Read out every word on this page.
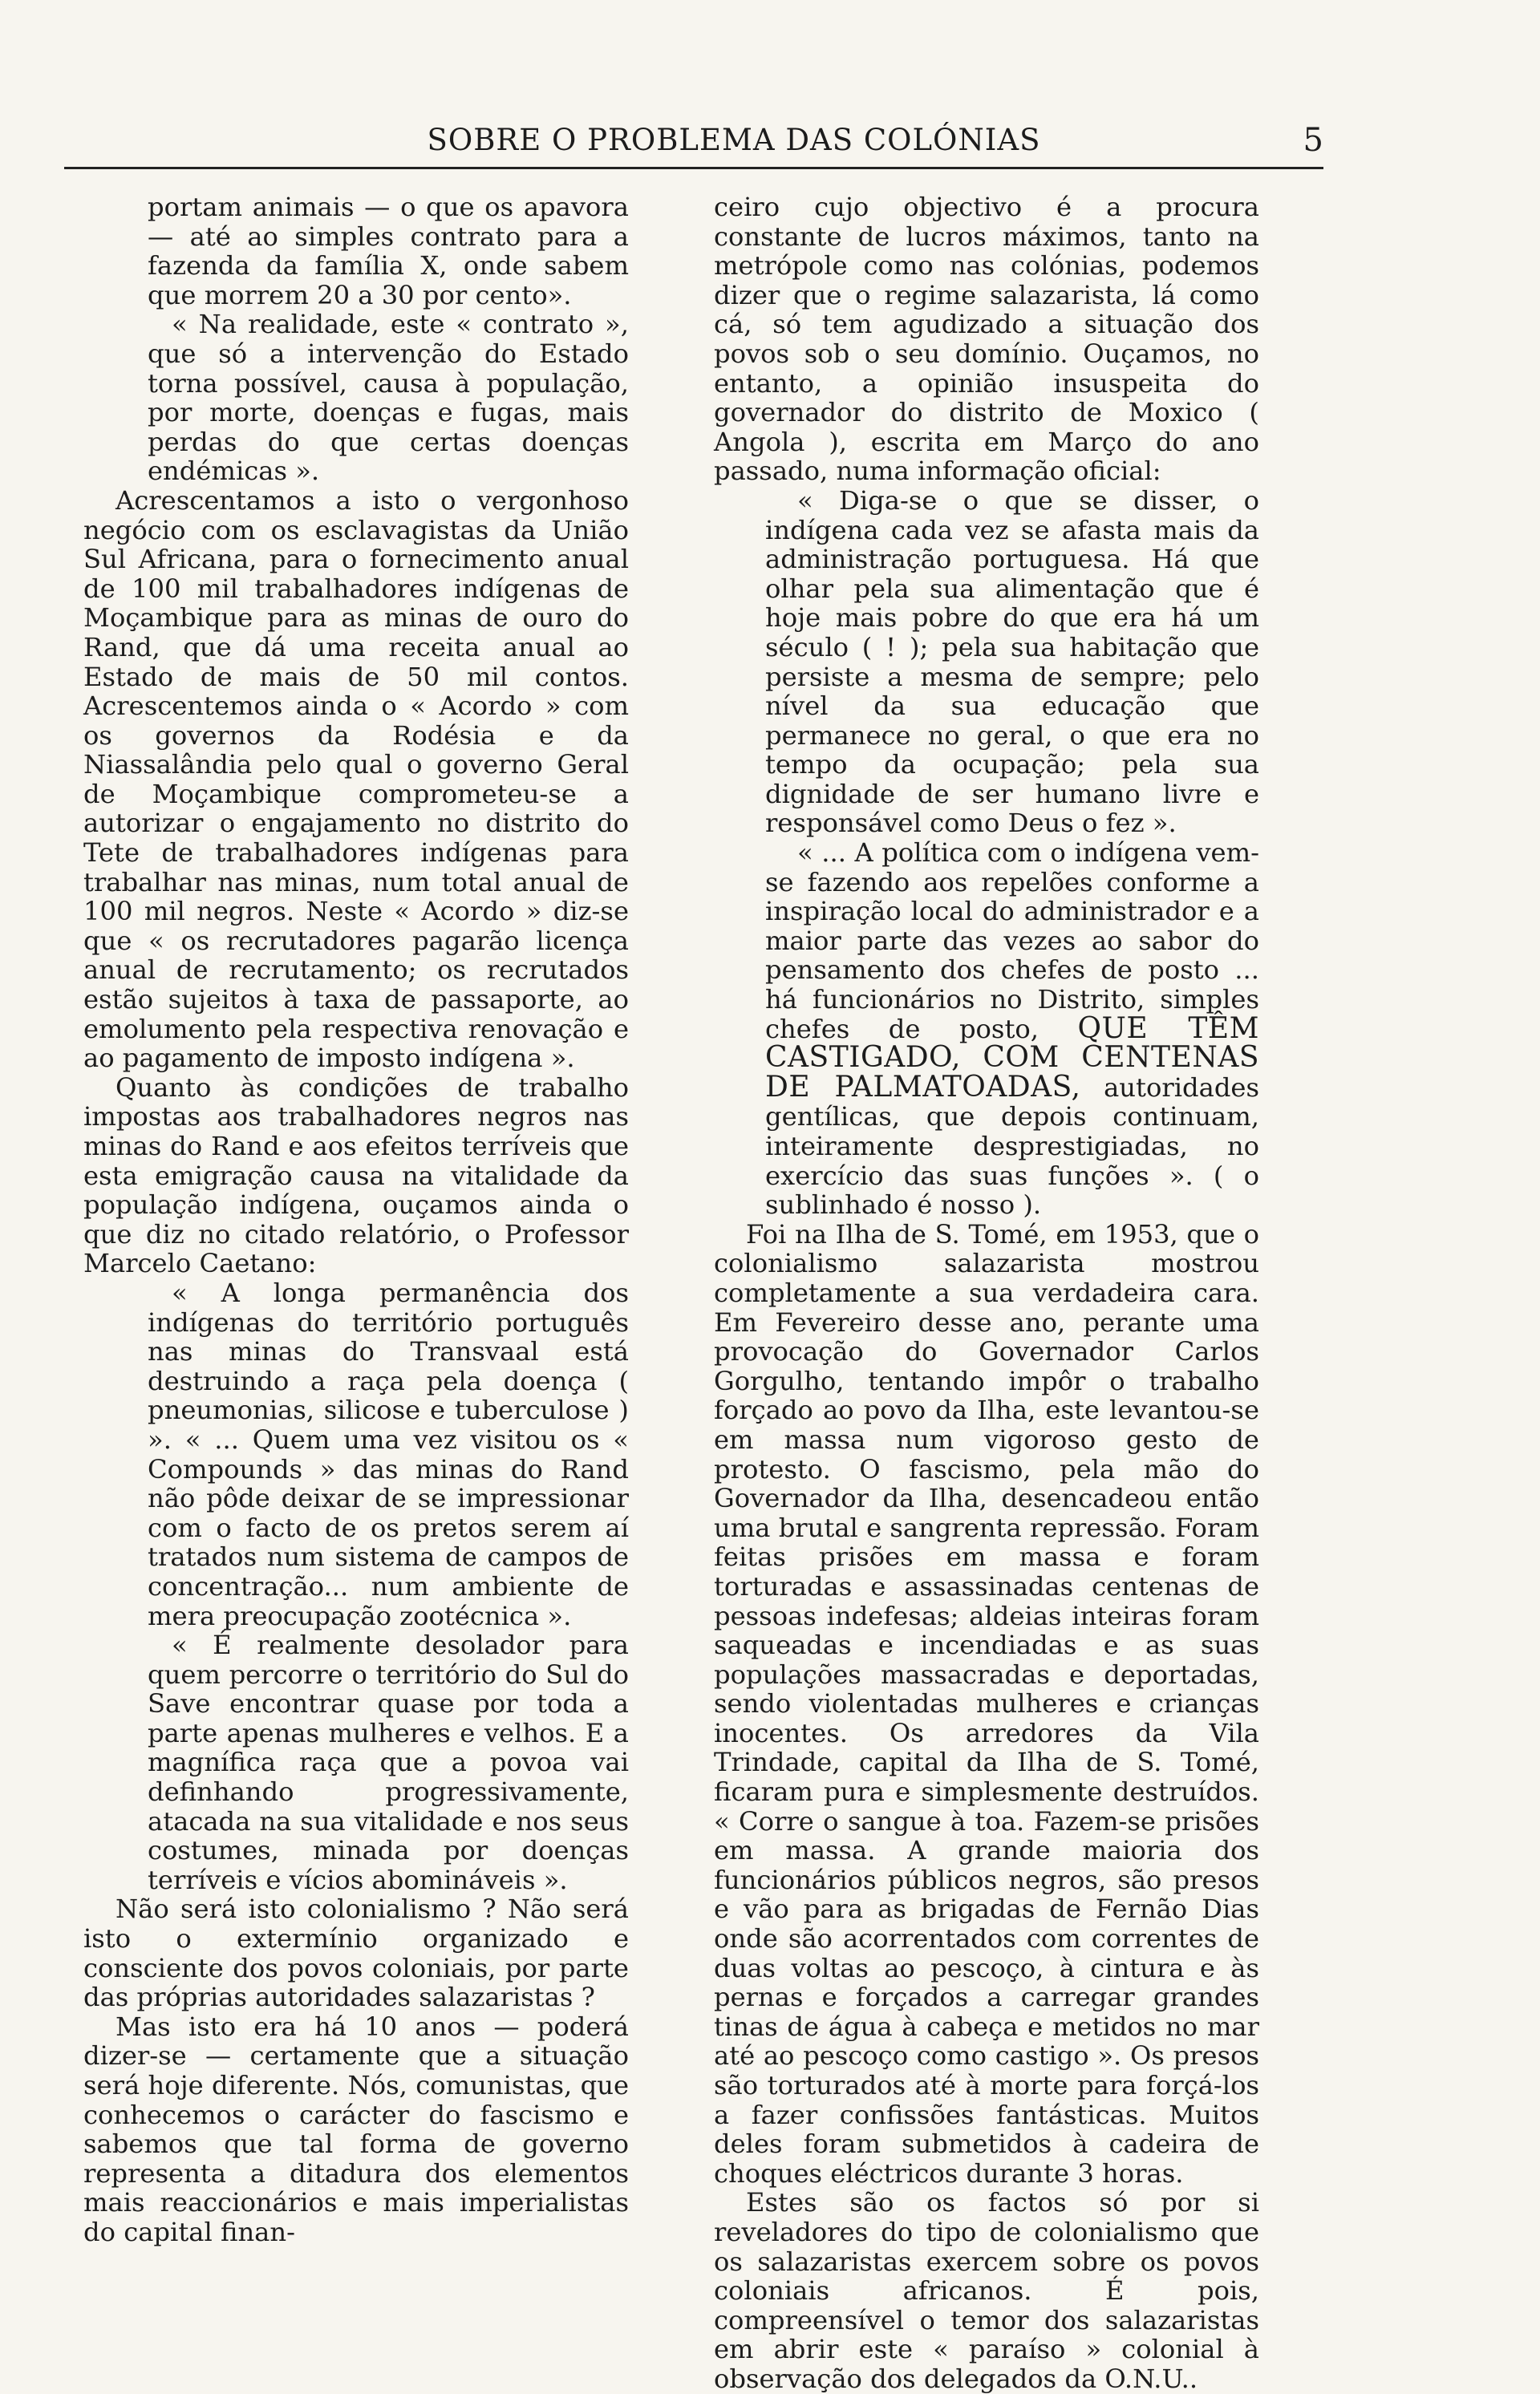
SOBRE O PROBLEMA DAS COLÓNIAS	5

portam animais — o que os apavora — até ao simples contrato para a fazenda da família X, onde sabem que morrem 20 a 30 por cento».

« Na realidade, este « contrato », que só a intervenção do Estado torna possível, causa à população, por morte, doenças e fugas, mais perdas do que certas doenças endémicas ».

Acrescentamos a isto o vergonhoso negócio com os esclavagistas da União Sul Africana, para o fornecimento anual de 100 mil trabalhadores indígenas de Moçambique para as minas de ouro do Rand, que dá uma receita anual ao Estado de mais de 50 mil contos. Acrescentemos ainda o « Acordo » com os governos da Rodésia e da Niassalândia pelo qual o governo Geral de Moçambique comprometeu-se a autorizar o engajamento no distrito do Tete de trabalhadores indígenas para trabalhar nas minas, num total anual de 100 mil negros. Neste « Acordo » diz-se que « os recrutadores pagarão licença anual de recrutamento; os recrutados estão sujeitos à taxa de passaporte, ao emolumento pela respectiva renovação e ao pagamento de imposto indígena ».

Quanto às condições de trabalho impostas aos trabalhadores negros nas minas do Rand e aos efeitos terríveis que esta emigração causa na vitalidade da população indígena, ouçamos ainda o que diz no citado relatório, o Professor Marcelo Caetano:

« A longa permanência dos indígenas do território português nas minas do Transvaal está destruindo a raça pela doença ( pneumonias, silicose e tuberculose ) ». « ... Quem uma vez visitou os « Compounds » das minas do Rand não pôde deixar de se impressionar com o facto de os pretos serem aí tratados num sistema de campos de concentração... num ambiente de mera preocupação zootécnica ».

« É realmente desolador para quem percorre o território do Sul do Save encontrar quase por toda a parte apenas mulheres e velhos. E a magnífica raça que a povoa vai definhando progressivamente, atacada na sua vitalidade e nos seus costumes, minada por doenças terríveis e vícios abomináveis ».

Não será isto colonialismo ? Não será isto o extermínio organizado e consciente dos povos coloniais, por parte das próprias autoridades salazaristas ?

Mas isto era há 10 anos — poderá dizer-se — certamente que a situação será hoje diferente. Nós, comunistas, que conhecemos o carácter do fascismo e sabemos que tal forma de governo representa a ditadura dos elementos mais reaccionários e mais imperialistas do capital finan-

ceiro cujo objectivo é a procura constante de lucros máximos, tanto na metrópole como nas colónias, podemos dizer que o regime salazarista, lá como cá, só tem agudizado a situação dos povos sob o seu domínio. Ouçamos, no entanto, a opinião insuspeita do governador do distrito de Moxico ( Angola ), escrita em Março do ano passado, numa informação oficial:

« Diga-se o que se disser, o indígena cada vez se afasta mais da administração portuguesa. Há que olhar pela sua alimentação que é hoje mais pobre do que era há um século ( ! ); pela sua habitação que persiste a mesma de sempre; pelo nível da sua educação que permanece no geral, o que era no tempo da ocupação; pela sua dignidade de ser humano livre e responsável como Deus o fez ».

« ... A política com o indígena vem-se fazendo aos repelões conforme a inspiração local do administrador e a maior parte das vezes ao sabor do pensamento dos chefes de posto ... há funcionários no Distrito, simples chefes de posto, QUE TÊM CASTIGADO, COM CENTENAS DE PALMATOADAS, autoridades gentílicas, que depois continuam, inteiramente desprestigiadas, no exercício das suas funções ». ( o sublinhado é nosso ).

Foi na Ilha de S. Tomé, em 1953, que o colonialismo salazarista mostrou completamente a sua verdadeira cara. Em Fevereiro desse ano, perante uma provocação do Governador Carlos Gorgulho, tentando impôr o trabalho forçado ao povo da Ilha, este levantou-se em massa num vigoroso gesto de protesto. O fascismo, pela mão do Governador da Ilha, desencadeou então uma brutal e sangrenta repressão. Foram feitas prisões em massa e foram torturadas e assassinadas centenas de pessoas indefesas; aldeias inteiras foram saqueadas e incendiadas e as suas populações massacradas e deportadas, sendo violentadas mulheres e crianças inocentes. Os arredores da Vila Trindade, capital da Ilha de S. Tomé, ficaram pura e simplesmente destruídos. « Corre o sangue à toa. Fazem-se prisões em massa. A grande maioria dos funcionários públicos negros, são presos e vão para as brigadas de Fernão Dias onde são acorrentados com correntes de duas voltas ao pescoço, à cintura e às pernas e forçados a carregar grandes tinas de água à cabeça e metidos no mar até ao pescoço como castigo ». Os presos são torturados até à morte para forçá-los a fazer confissões fantásticas. Muitos deles foram submetidos à cadeira de choques eléctricos durante 3 horas.

Estes são os factos só por si reveladores do tipo de colonialismo que os salazaristas exercem sobre os povos coloniais africanos. É pois, compreensível o temor dos salazaristas em abrir este « paraíso » colonial à observação dos delegados da O.N.U..
